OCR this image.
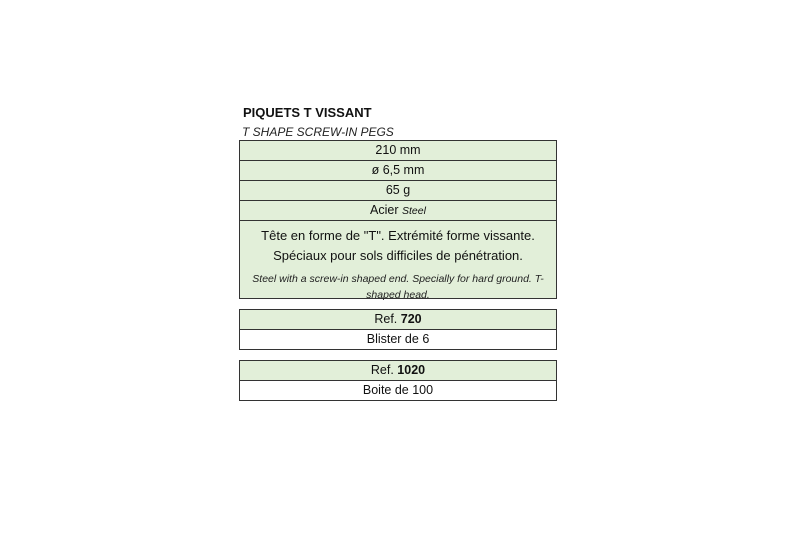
PIQUETS T VISSANT
T SHAPE SCREW-IN PEGS
210 mm
ø 6,5 mm
65 g
Acier Steel
Tête en forme de "T". Extrémité forme vissante.
Spéciaux pour sols difficiles de pénétration.
Steel with a screw-in shaped end. Specially for hard ground. T-shaped head.
Ref. 720
Blister de 6
Ref. 1020
Boite de 100
